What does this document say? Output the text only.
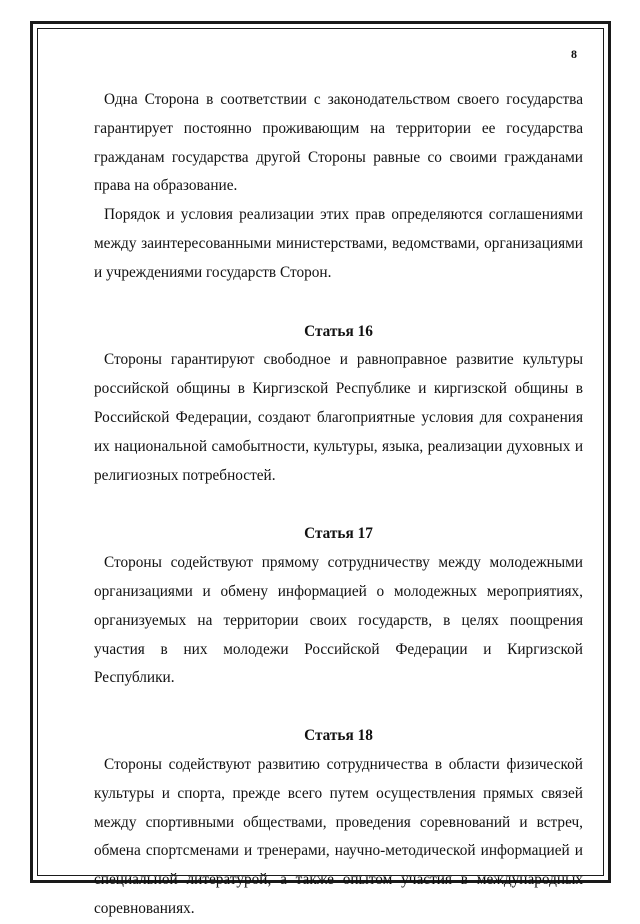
8

Одна Сторона в соответствии с законодательством своего государства гарантирует постоянно проживающим на территории ее государства гражданам государства другой Стороны равные со своими гражданами права на образование.

Порядок и условия реализации этих прав определяются соглашениями между заинтересованными министерствами, ведомствами, организациями и учреждениями государств Сторон.

Статья 16

Стороны гарантируют свободное и равноправное развитие культуры российской общины в Киргизской Республике и киргизской общины в Российской Федерации, создают благоприятные условия для сохранения их национальной самобытности, культуры, языка, реализации духовных и религиозных потребностей.

Статья 17

Стороны содействуют прямому сотрудничеству между молодежными организациями и обмену информацией о молодежных мероприятиях, организуемых на территории своих государств, в целях поощрения участия в них молодежи Российской Федерации и Киргизской Республики.

Статья 18

Стороны содействуют развитию сотрудничества в области физической культуры и спорта, прежде всего путем осуществления прямых связей между спортивными обществами, проведения соревнований и встреч, обмена спортсменами и тренерами, научно-методической информацией и специальной литературой, а также опытом участия в международных соревнованиях.
